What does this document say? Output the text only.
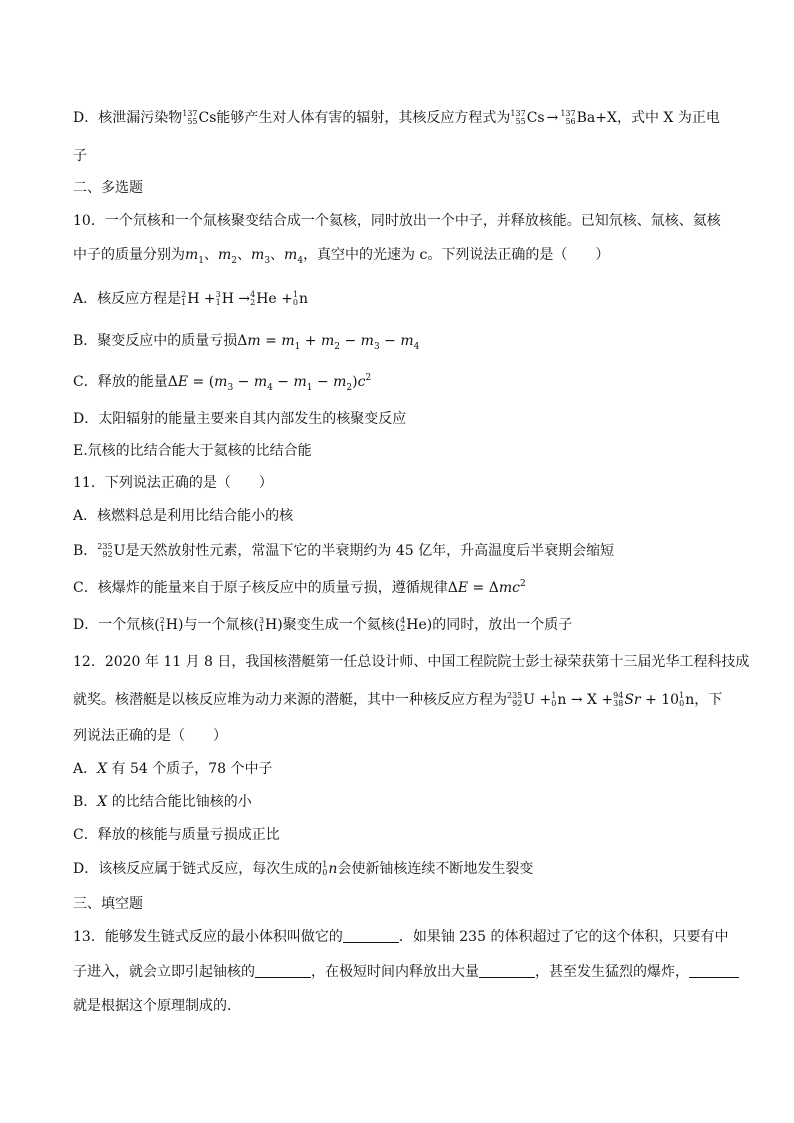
D．核泄漏污染物 137
55 Cs能够产生对人体有害的辐射，其核反应方程式为 137
55 Cs → 137
56 Ba+X，式中 X 为正电
子
二、多选题
10．一个氘核和一个氚核聚变结合成一个氦核，同时放出一个中子，并释放核能。已知氘核、氚核、氦核
中子的质量分别为$m_1$、$m_2$、$m_3$、$m_4$，真空中的光速为 c。下列说法正确的是（　　）
A．核反应方程是 2
1 H + 3
1 H → 4
2 He + 1
0 n
B．聚变反应中的质量亏损$\Delta m = m_1 + m_2 - m_3 - m_4$
C．释放的能量$\Delta E = (m_3 - m_4 - m_1 - m_2)c^2$
D．太阳辐射的能量主要来自其内部发生的核聚变反应
E.氘核的比结合能大于氦核的比结合能
11．下列说法正确的是（　　）
A．核燃料总是利用比结合能小的核
B． 235
92 U是天然放射性元素，常温下它的半衰期约为 45 亿年，升高温度后半衰期会缩短
C．核爆炸的能量来自于原子核反应中的质量亏损，遵循规律ΔE = Δmc$^2$
D．一个氘核( 2
1 H)与一个氚核( 3
1 H)聚变生成一个氦核( 4
2 He)的同时，放出一个质子
12．2020 年 11 月 8 日，我国核潜艇第一任总设计师、中国工程院院士彭士禄荣获第十三届光华工程科技成
就奖。核潜艇是以核反应堆为动力来源的潜艇，其中一种核反应方程为 235
92 U + 1
0 n → X + 94
38 Sr + 10 1
0 n，下
列说法正确的是（　　）
A．X 有 54 个质子，78 个中子
B．X 的比结合能比铀核的小
C．释放的核能与质量亏损成正比
D．该核反应属于链式反应，每次生成的 1
0 n会使新铀核连续不断地发生裂变
三、填空题
13．能够发生链式反应的最小体积叫做它的	．如果铀 235 的体积超过了它的这个体积，只要有中
子进入，就会立即引起铀核的	，在极短时间内释放出大量	，甚至发生猛烈的爆炸，
就是根据这个原理制成的．
